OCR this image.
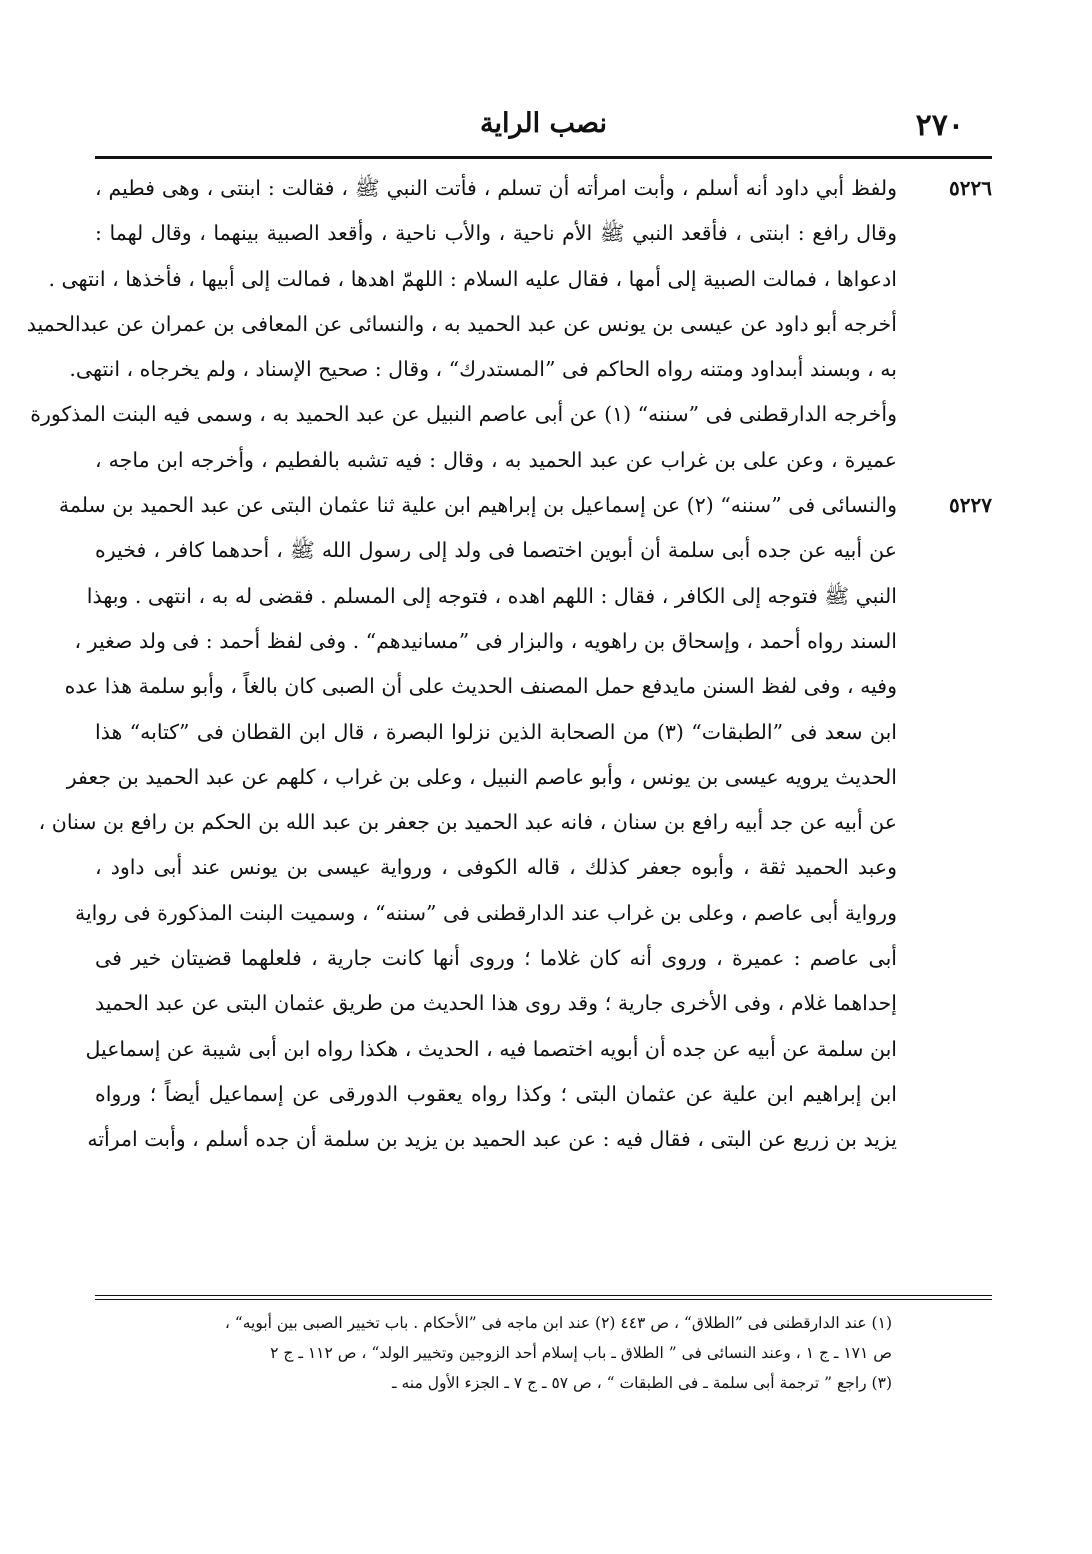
نصب الراية	٢٧٠
٥٢٢٦
ولفظ أبي داود أنه أسلم ، وأبت امرأته أن تسلم ، فأتت النبي ﷺ ، فقالت : ابنتى ، وهى فطيم ،
وقال رافع : ابنتى ، فأقعد النبي ﷺ الأم ناحية ، والأب ناحية ، وأقعد الصبية بينهما ، وقال لهما :
ادعواها ، فمالت الصبية إلى أمها ، فقال عليه السلام : اللهمّ اهدها ، فمالت إلى أبيها ، فأخذها ، انتهى .
أخرجه أبو داود عن عيسى بن يونس عن عبد الحميد به ، والنسائى عن المعافى بن عمران عن عبدالحميد
به ، وبسند أبىداود ومتنه رواه الحاكم فى ”المستدرك“ ، وقال : صحيح الإسناد ، ولم يخرجاه ، انتهى.
وأخرجه الدارقطنى فى ”سننه“ (١) عن أبى عاصم النبيل عن عبد الحميد به ، وسمى فيه البنت المذكورة
عميرة ، وعن على بن غراب عن عبد الحميد به ، وقال : فيه تشبه بالفطيم ، وأخرجه ابن ماجه ،
٥٢٢٧
والنسائى فى ”سننه“ (٢) عن إسماعيل بن إبراهيم ابن علية ثنا عثمان البتى عن عبد الحميد بن سلمة
عن أبيه عن جده أبى سلمة أن أبوين اختصما فى ولد إلى رسول الله ﷺ ، أحدهما كافر ، فخيره
النبي ﷺ فتوجه إلى الكافر ، فقال : اللهم اهده ، فتوجه إلى المسلم . فقضى له به ، انتهى . وبهذا
السند رواه أحمد ، وإسحاق بن راهويه ، والبزار فى ”مسانيدهم“ . وفى لفظ أحمد : فى ولد صغير ،
وفيه ، وفى لفظ السنن مايدفع حمل المصنف الحديث على أن الصبى كان بالغاً ، وأبو سلمة هذا عده
ابن سعد فى ”الطبقات“ (٣) من الصحابة الذين نزلوا البصرة ، قال ابن القطان فى ”كتابه“ هذا
الحديث يرويه عيسى بن يونس ، وأبو عاصم النبيل ، وعلى بن غراب ، كلهم عن عبد الحميد بن جعفر
عن أبيه عن جد أبيه رافع بن سنان ، فانه عبد الحميد بن جعفر بن عبد الله بن الحكم بن رافع بن سنان ،
وعبد الحميد ثقة ، وأبوه جعفر كذلك ، قاله الكوفى ، ورواية عيسى بن يونس عند أبى داود ،
ورواية أبى عاصم ، وعلى بن غراب عند الدارقطنى فى ”سننه“ ، وسميت البنت المذكورة فى رواية
أبى عاصم : عميرة ، وروى أنه كان غلاما ؛ وروى أنها كانت جارية ، فلعلهما قضيتان خير فى
إحداهما غلام ، وفى الأخرى جارية ؛ وقد روى هذا الحديث من طريق عثمان البتى عن عبد الحميد
ابن سلمة عن أبيه عن جده أن أبويه اختصما فيه ، الحديث ، هكذا رواه ابن أبى شيبة عن إسماعيل
ابن إبراهيم ابن علية عن عثمان البتى ؛ وكذا رواه يعقوب الدورقى عن إسماعيل أيضاً ؛ ورواه
يزيد بن زريع عن البتى ، فقال فيه : عن عبد الحميد بن يزيد بن سلمة أن جده أسلم ، وأبت امرأته
(١) عند الدارقطنى فى ”الطلاق“ ، ص ٤٤٣ (٢) عند ابن ماجه فى ”الأحكام . باب تخيير الصبى بين أبويه“ ،
ص ١٧١ ـ ج ١ ، وعند النسائى فى ” الطلاق ـ باب إسلام أحد الزوجين وتخيير الولد“ ، ص ١١٢ ـ ج ٢
(٣) راجع ” ترجمة أبى سلمة ـ فى الطبقات “ ، ص ٥٧ ـ ج ٧ ـ الجزء الأول منه ـ
